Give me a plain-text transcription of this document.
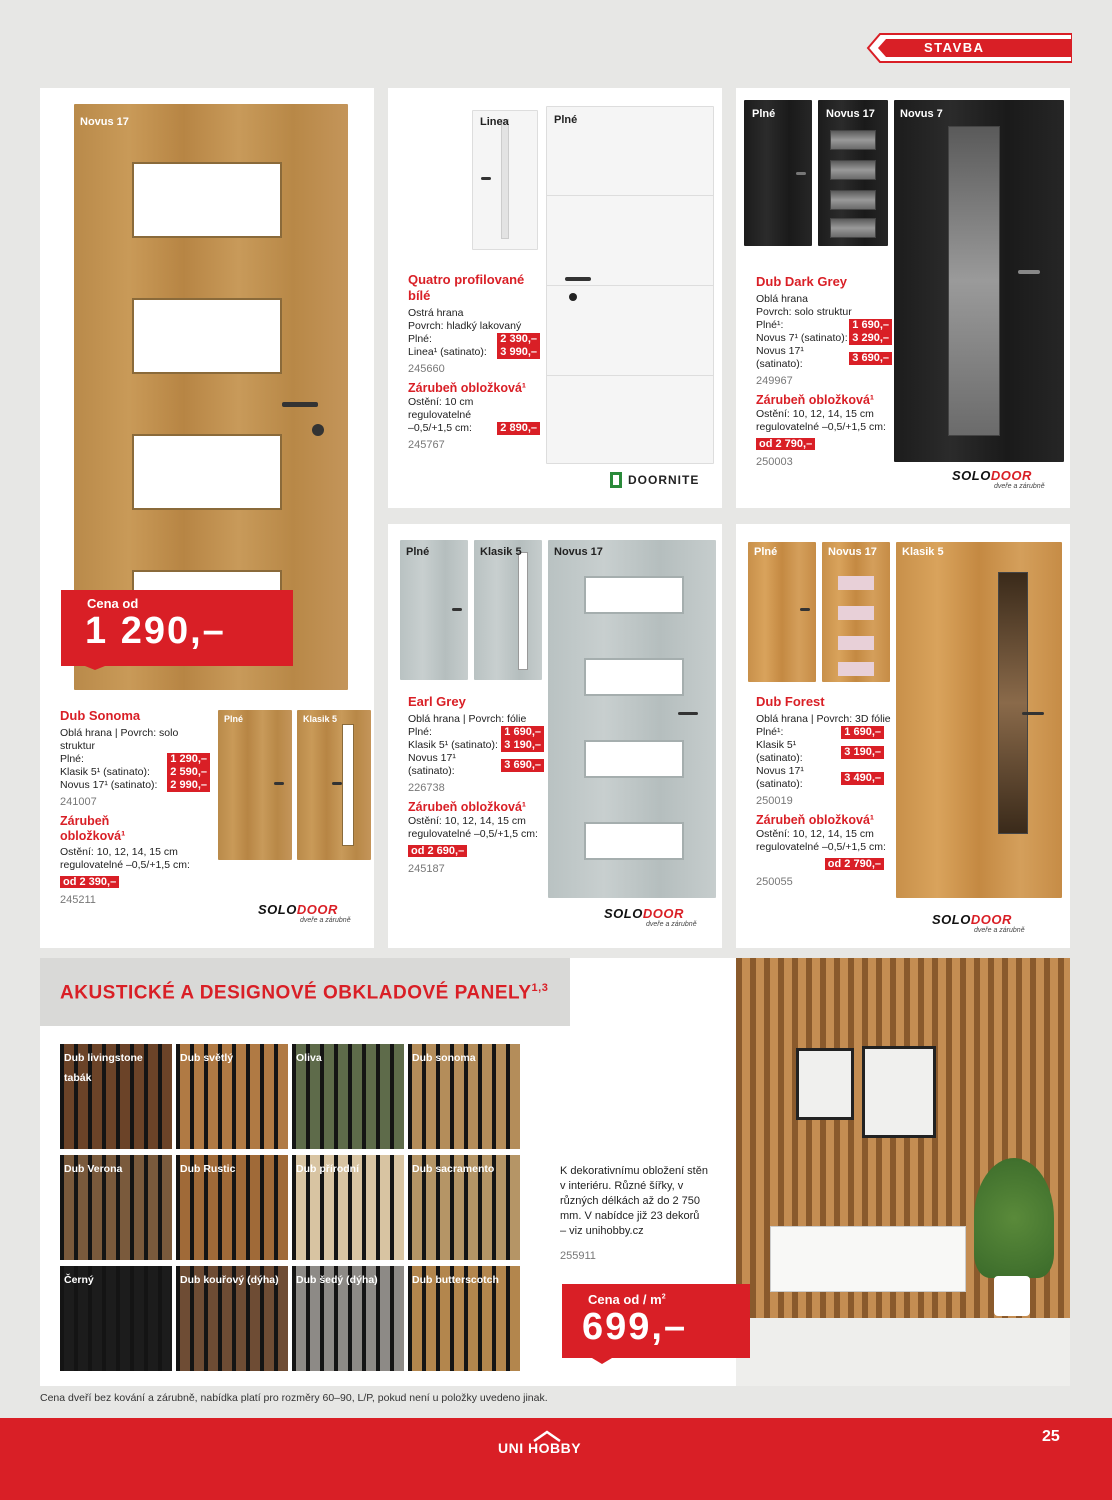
STAVBA
Novus 17
Cena od
1 290,–
Dub Sonoma
Oblá hrana | Povrch: solo struktur
Plné:	1 290,–
Klasik 5¹ (satinato): 2 590,–
Novus 17¹ (satinato): 2 990,–
241007
Zárubeň obložková¹
Ostění: 10, 12, 14, 15 cm
regulovatelné –0,5/+1,5 cm:
od 2 390,–
245211
Plné	Klasik 5
SOLODOOR
dveře a zárubně
Linea	Plné
Quatro profilované bílé
Ostrá hrana
Povrch: hladký lakovaný
Plné:	2 390,–
Linea¹ (satinato): 3 990,–
245660
Zárubeň obložková¹
Ostění: 10 cm
regulovatelné
–0,5/+1,5 cm:	2 890,–
245767
DOORNITE
Plné	Novus 17	Novus 7
Dub Dark Grey
Oblá hrana
Povrch: solo struktur
Plné¹:	1 690,–
Novus 7¹ (satinato): 3 290,–
Novus 17¹ (satinato):
3 690,–
249967
Zárubeň obložková¹
Ostění: 10, 12, 14, 15 cm
regulovatelné –0,5/+1,5 cm:
od 2 790,–
250003
SOLODOOR
dveře a zárubně
Plné	Klasik 5	Novus 17
Earl Grey
Oblá hrana | Povrch: fólie
Plné:	1 690,–
Klasik 5¹ (satinato): 3 190,–
Novus 17¹ (satinato):
3 690,–
226738
Zárubeň obložková¹
Ostění: 10, 12, 14, 15 cm
regulovatelné –0,5/+1,5 cm:
od 2 690,–
245187
SOLODOOR
dveře a zárubně
Plné	Novus 17	Klasik 5
Dub Forest
Oblá hrana | Povrch: 3D fólie
Plné¹:	1 690,–
Klasik 5¹ (satinato):
3 190,–
Novus 17¹ (satinato):
3 490,–
250019
Zárubeň obložková¹
Ostění: 10, 12, 14, 15 cm
regulovatelné –0,5/+1,5 cm:
od 2 790,–
250055
SOLODOOR
dveře a zárubně
AKUSTICKÉ A DESIGNOVÉ OBKLADOVÉ PANELY$^{1,3}$
Dub livingstone tabák
Dub světlý	Oliva	Dub sonoma
Dub Verona	Dub Rustic	Dub přírodní	Dub sacramento
Černý	Dub kouřový (dýha)	Dub šedý (dýha)	Dub butterscotch
K dekorativnímu obložení stěn v interiéru. Různé šířky, v různých délkách až do 2 750 mm. V nabídce již 23 dekorů – viz unihobby.cz
255911
Cena od / $m^2$
699,–
Cena dveří bez kování a zárubně, nabídka platí pro rozměry 60–90, L/P, pokud není u položky uvedeno jinak.
UNI HOBBY
25
